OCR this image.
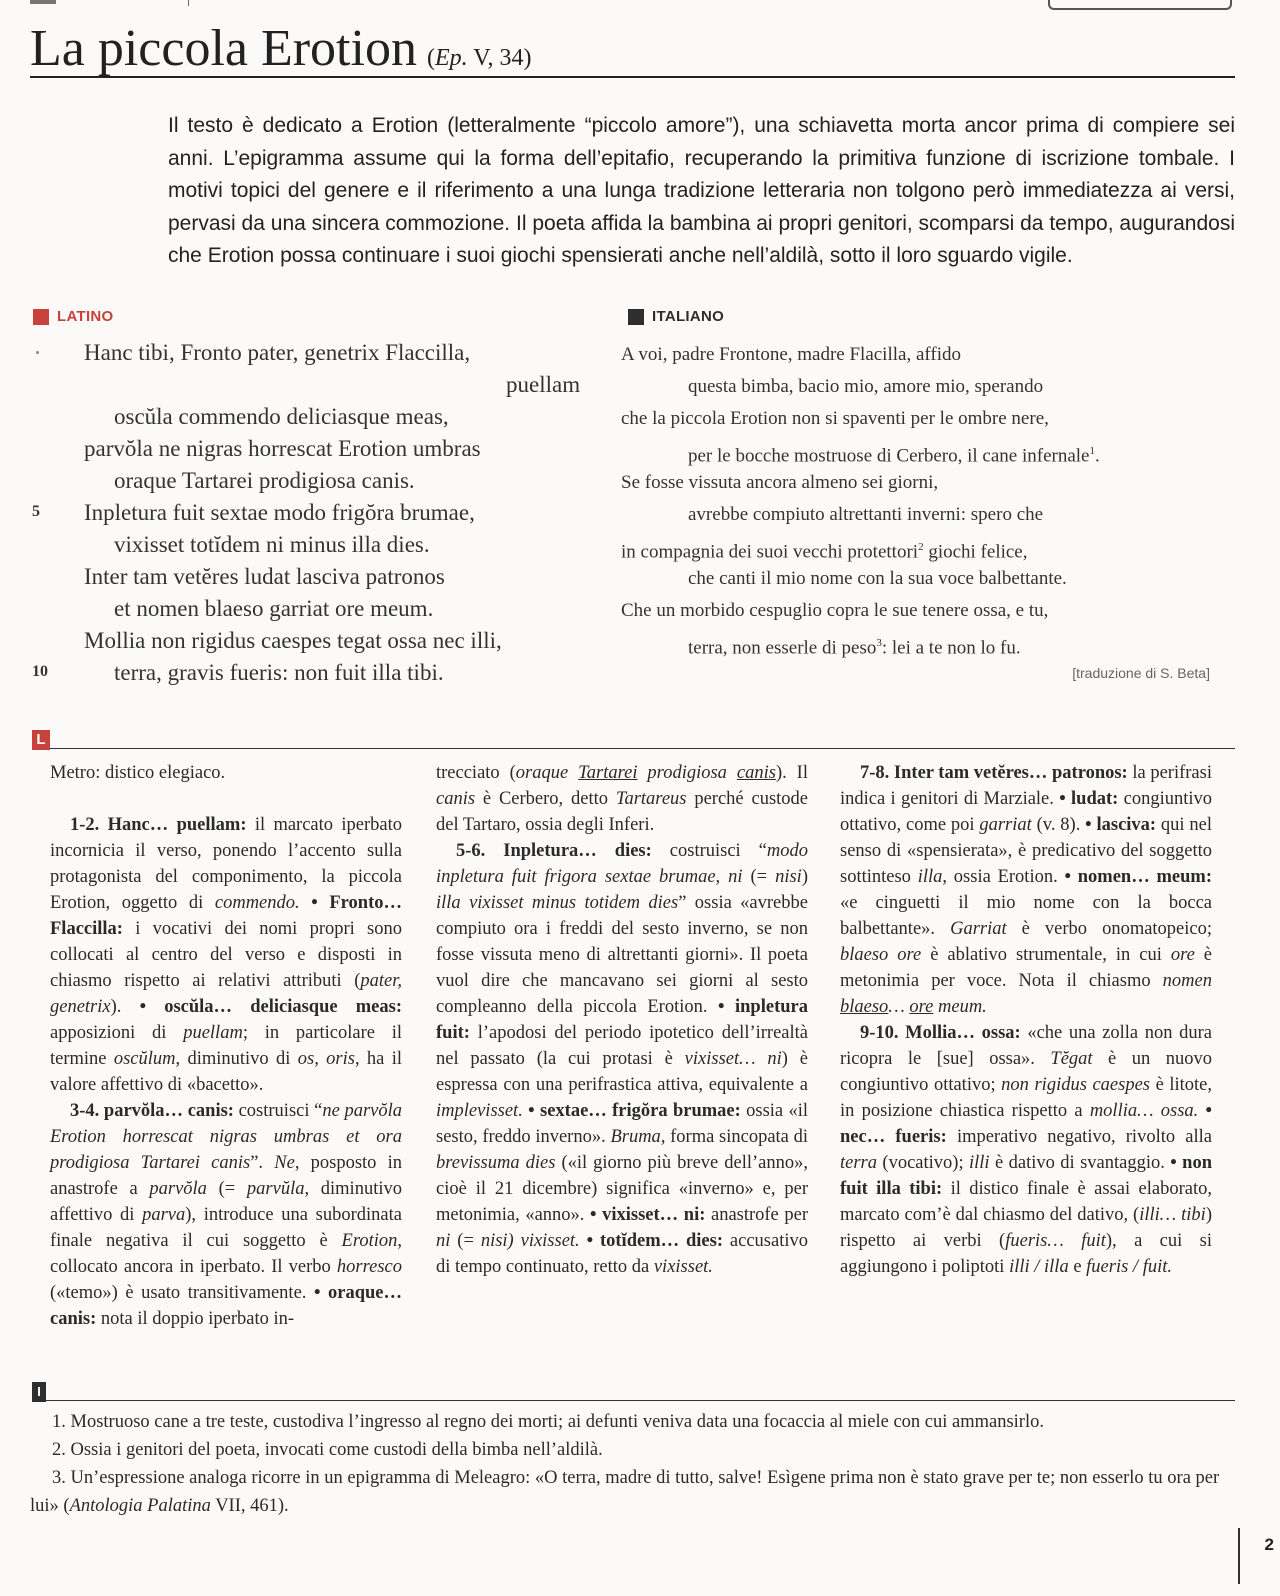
La piccola Erotion (Ep. V, 34)
Il testo è dedicato a Erotion (letteralmente “piccolo amore”), una schiavetta morta ancor prima di compiere sei anni. L’epigramma assume qui la forma dell’epitafio, recuperando la primitiva funzione di iscrizione tombale. I motivi topici del genere e il riferimento a una lunga tradizione letteraria non tolgono però immediatezza ai versi, pervasi da una sincera commozione. Il poeta affida la bambina ai propri genitori, scomparsi da tempo, augurandosi che Erotion possa continuare i suoi giochi spensierati anche nell’aldilà, sotto il loro sguardo vigile.
LATINO	ITALIANO
Hanc tibi, Fronto pater, genetrix Flaccilla,
puellam
oscŭla commendo deliciasque meas,
parvŏla ne nigras horrescat Erotion umbras
oraque Tartarei prodigiosa canis.
5 Inpletura fuit sextae modo frigŏra brumae,
vixisset totĭdem ni minus illa dies.
Inter tam vetĕres ludat lasciva patronos
et nomen blaeso garriat ore meum.
Mollia non rigidus caespes tegat ossa nec illi,
10	terra, gravis fueris: non fuit illa tibi.
A voi, padre Frontone, madre Flacilla, affido
questa bimba, bacio mio, amore mio, sperando
che la piccola Erotion non si spaventi per le ombre nere,
per le bocche mostruose di Cerbero, il cane infernale$^1$.
Se fosse vissuta ancora almeno sei giorni,
avrebbe compiuto altrettanti inverni: spero che
in compagnia dei suoi vecchi protettori$^2$ giochi felice,
che canti il mio nome con la sua voce balbettante.
Che un morbido cespuglio copra le sue tenere ossa, e tu,
terra, non esserle di peso$^3$: lei a te non lo fu.
[traduzione di S. Beta]
L

Metro: distico elegiaco.

1-2. Hanc… puellam: il marcato iperbato incornicia il verso, ponendo l’accento sulla protagonista del componimento, la piccola Erotion, oggetto di commendo. • Fronto… Flaccilla: i vocativi dei nomi propri sono collocati al centro del verso e disposti in chiasmo rispetto ai relativi attributi (pater, genetrix). • oscŭla… deliciasque meas: apposizioni di puellam; in particolare il termine oscŭlum, diminutivo di os, oris, ha il valore affettivo di «bacetto».

3-4. parvŏla… canis: costruisci “ne parvŏla Erotion horrescat nigras umbras et ora prodigiosa Tartarei canis”. Ne, posposto in anastrofe a parvŏla (= parvŭla, diminutivo affettivo di parva), introduce una subordinata finale negativa il cui soggetto è Erotion, collocato ancora in iperbato. Il verbo horresco («temo») è usato transitivamente. • oraque… canis: nota il doppio iperbato in-

trecciato (oraque Tartarei prodigiosa canis). Il canis è Cerbero, detto Tartareus perché custode del Tartaro, ossia degli Inferi.

5-6. Inpletura… dies: costruisci “modo inpletura fuit frigora sextae brumae, ni (= nisi) illa vixisset minus totidem dies” ossia «avrebbe compiuto ora i freddi del sesto inverno, se non fosse vissuta meno di altrettanti giorni». Il poeta vuol dire che mancavano sei giorni al sesto compleanno della piccola Erotion. • inpletura fuit: l’apodosi del periodo ipotetico dell’irrealtà nel passato (la cui protasi è vixisset… ni) è espressa con una perifrastica attiva, equivalente a implevisset. • sextae… frigŏra brumae: ossia «il sesto, freddo inverno». Bruma, forma sincopata di brevissuma dies («il giorno più breve dell’anno», cioè il 21 dicembre) significa «inverno» e, per metonimia, «anno». • vixisset… ni: anastrofe per ni (= nisi) vixisset. • totĭdem… dies: accusativo di tempo continuato, retto da vixisset.

7-8. Inter tam vetĕres… patronos: la perifrasi indica i genitori di Marziale. • ludat: congiuntivo ottativo, come poi garriat (v. 8). • lasciva: qui nel senso di «spensierata», è predicativo del soggetto sottinteso illa, ossia Erotion. • nomen… meum: «e cinguetti il mio nome con la bocca balbettante». Garriat è verbo onomatopeico; blaeso ore è ablativo strumentale, in cui ore è metonimia per voce. Nota il chiasmo nomen blaeso… ore meum.

9-10. Mollia… ossa: «che una zolla non dura ricopra le [sue] ossa». Tĕgat è un nuovo congiuntivo ottativo; non rigidus caespes è litote, in posizione chiastica rispetto a mollia… ossa. • nec… fueris: imperativo negativo, rivolto alla terra (vocativo); illi è dativo di svantaggio. • non fuit illa tibi: il distico finale è assai elaborato, marcato com’è dal chiasmo del dativo, (illi… tibi) rispetto ai verbi (fueris… fuit), a cui si aggiungono i poliptoti illi / illa e fueris / fuit.

I

1. Mostruoso cane a tre teste, custodiva l’ingresso al regno dei morti; ai defunti veniva data una focaccia al miele con cui ammansirlo.

2. Ossia i genitori del poeta, invocati come custodi della bimba nell’aldilà.

3. Un’espressione analoga ricorre in un epigramma di Meleagro: «O terra, madre di tutto, salve! Esìgene prima non è stato grave per te; non esserlo tu ora per lui» (Antologia Palatina VII, 461).

2
